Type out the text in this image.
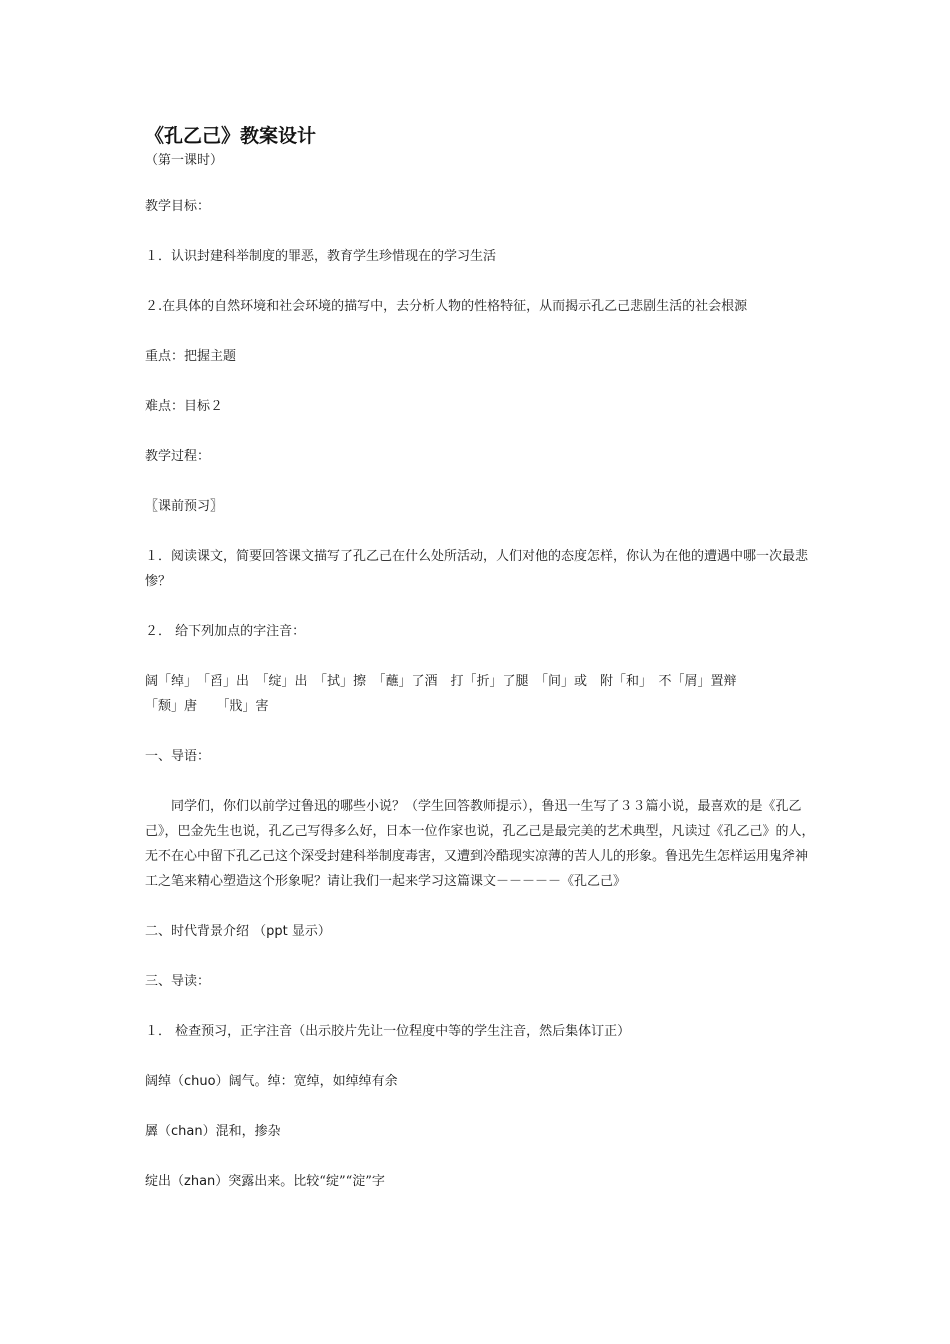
《孔乙己》教案设计
（第一课时）

教学目标：

１．认识封建科举制度的罪恶，教育学生珍惜现在的学习生活

２.在具体的自然环境和社会环境的描写中，去分析人物的性格特征，从而揭示孔乙己悲剧生活的社会根源

重点：把握主题

难点：目标２

教学过程：

〖课前预习〗

１．阅读课文，简要回答课文描写了孔乙己在什么处所活动，人们对他的态度怎样，你认为在他的遭遇中哪一次最悲惨？

２． 给下列加点的字注音：

阔「绰」　「舀」出　「绽」出　「拭」擦　「蘸」了酒　打「折」了腿　「间」或　附「和」　不「屑」置辩

「颓」唐　　「戕」害

一、导语：

同学们，你们以前学过鲁迅的哪些小说？（学生回答教师提示），鲁迅一生写了３３篇小说，最喜欢的是《孔乙己》，巴金先生也说，孔乙己写得多么好，日本一位作家也说，孔乙己是最完美的艺术典型，凡读过《孔乙己》的人，无不在心中留下孔乙己这个深受封建科举制度毒害，又遭到冷酷现实凉薄的苦人儿的形象。鲁迅先生怎样运用鬼斧神工之笔来精心塑造这个形象呢？请让我们一起来学习这篇课文－－－－－《孔乙己》

二、时代背景介绍 （ppt 显示）

三、导读：

１． 检查预习，正字注音（出示胶片先让一位程度中等的学生注音，然后集体订正）

阔绰（chuo）阔气。绰：宽绰，如绰绰有余

羼（chan）混和，掺杂

绽出（zhan）突露出来。比较“绽”“淀”字
